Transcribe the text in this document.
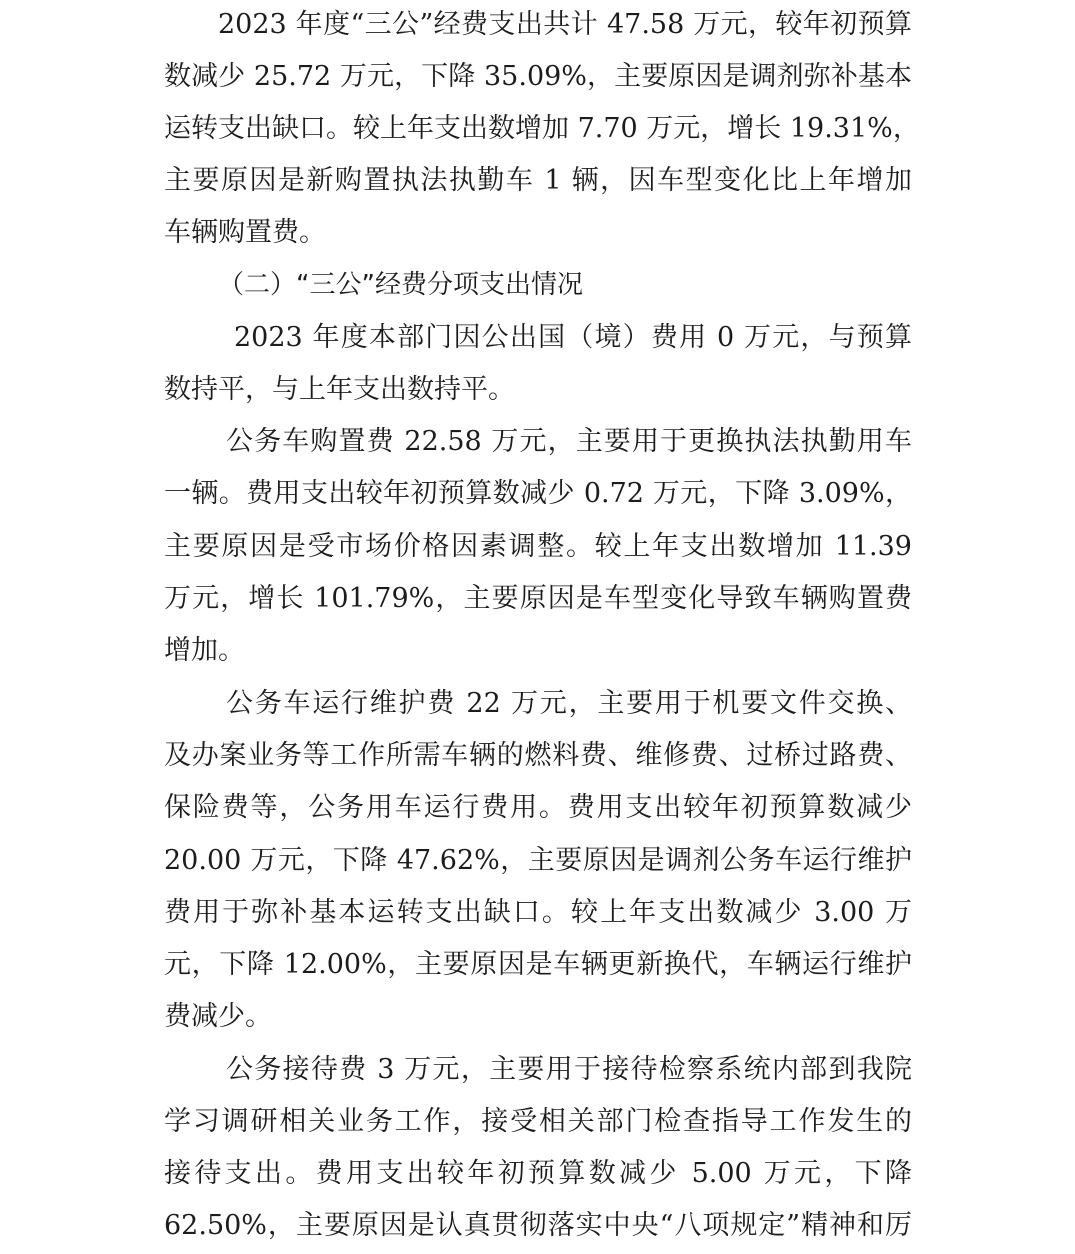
2023 年度“三公”经费支出共计 47.58 万元，较年初预算
数减少 25.72 万元，下降 35.09%，主要原因是调剂弥补基本
运转支出缺口。较上年支出数增加 7.70 万元，增长 19.31%，
主要原因是新购置执法执勤车 1 辆，因车型变化比上年增加
车辆购置费。
（二）“三公”经费分项支出情况
2023 年度本部门因公出国（境）费用 0 万元，与预算
数持平，与上年支出数持平。
公务车购置费 22.58 万元，主要用于更换执法执勤用车
一辆。费用支出较年初预算数减少 0.72 万元，下降 3.09%，
主要原因是受市场价格因素调整。较上年支出数增加 11.39
万元，增长 101.79%，主要原因是车型变化导致车辆购置费
增加。
公务车运行维护费 22 万元，主要用于机要文件交换、
及办案业务等工作所需车辆的燃料费、维修费、过桥过路费、
保险费等，公务用车运行费用。费用支出较年初预算数减少
20.00 万元，下降 47.62%，主要原因是调剂公务车运行维护
费用于弥补基本运转支出缺口。较上年支出数减少 3.00 万
元，下降 12.00%，主要原因是车辆更新换代，车辆运行维护
费减少。
公务接待费 3 万元，主要用于接待检察系统内部到我院
学习调研相关业务工作，接受相关部门检查指导工作发生的
接待支出。费用支出较年初预算数减少 5.00 万元，下降
62.50%，主要原因是认真贯彻落实中央“八项规定”精神和厉
